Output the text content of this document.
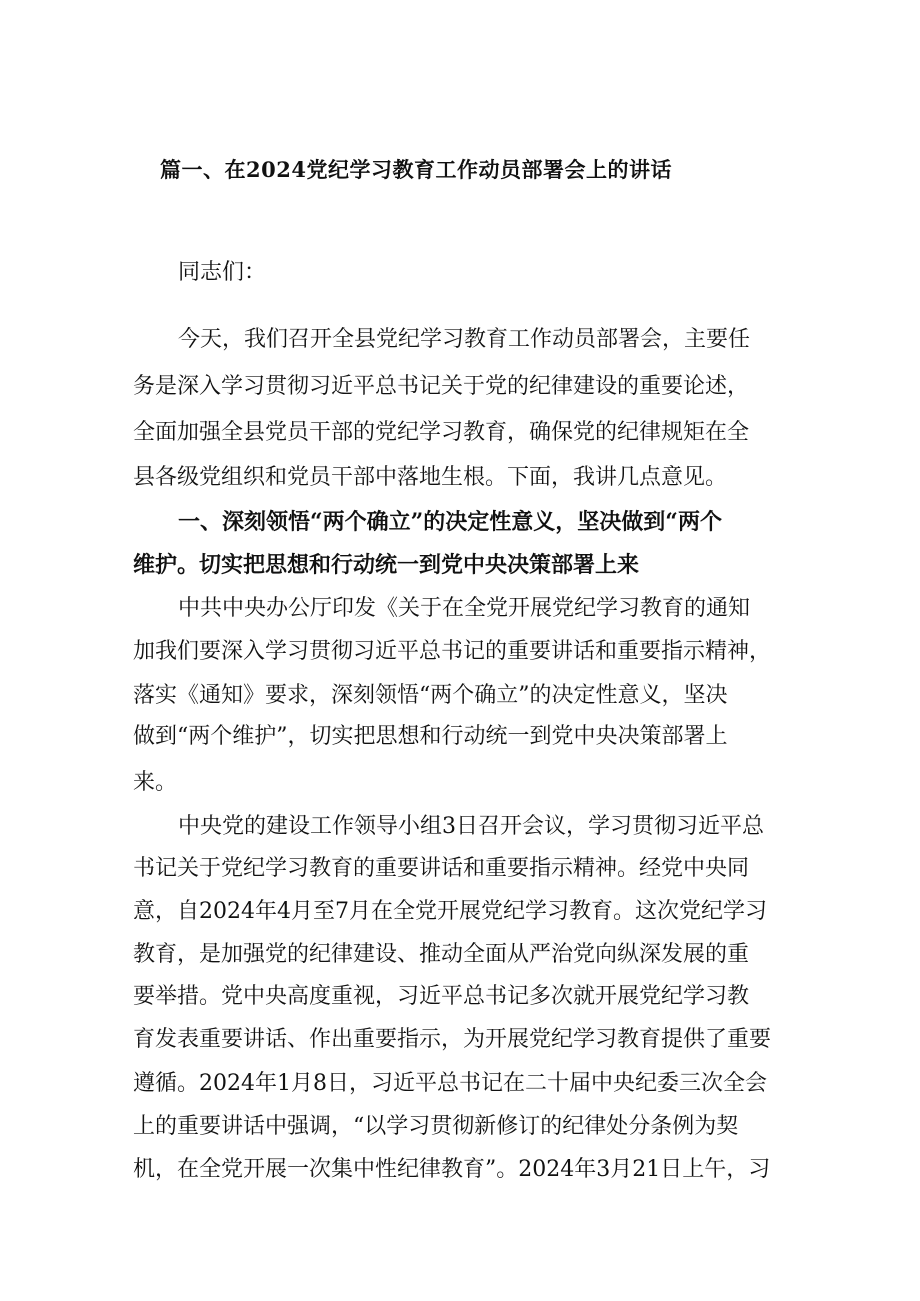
篇一、在2024党纪学习教育工作动员部署会上的讲话
同志们：
今天，我们召开全县党纪学习教育工作动员部署会，主要任
务是深入学习贯彻习近平总书记关于党的纪律建设的重要论述，
全面加强全县党员干部的党纪学习教育，确保党的纪律规矩在全
县各级党组织和党员干部中落地生根。下面，我讲几点意见。
一、深刻领悟“两个确立”的决定性意义，坚决做到“两个
维护。切实把思想和行动统一到党中央决策部署上来
中共中央办公厅印发《关于在全党开展党纪学习教育的通知
加我们要深入学习贯彻习近平总书记的重要讲话和重要指示精神，
落实《通知》要求，深刻领悟“两个确立”的决定性意义，坚决
做到“两个维护”，切实把思想和行动统一到党中央决策部署上
来。
中央党的建设工作领导小组3日召开会议，学习贯彻习近平总
书记关于党纪学习教育的重要讲话和重要指示精神。经党中央同
意，自2024年4月至7月在全党开展党纪学习教育。这次党纪学习
教育，是加强党的纪律建设、推动全面从严治党向纵深发展的重
要举措。党中央高度重视，习近平总书记多次就开展党纪学习教
育发表重要讲话、作出重要指示，为开展党纪学习教育提供了重要
遵循。2024年1月8日，习近平总书记在二十届中央纪委三次全会
上的重要讲话中强调，“以学习贯彻新修订的纪律处分条例为契
机，在全党开展一次集中性纪律教育”。2024年3月21日上午，习
